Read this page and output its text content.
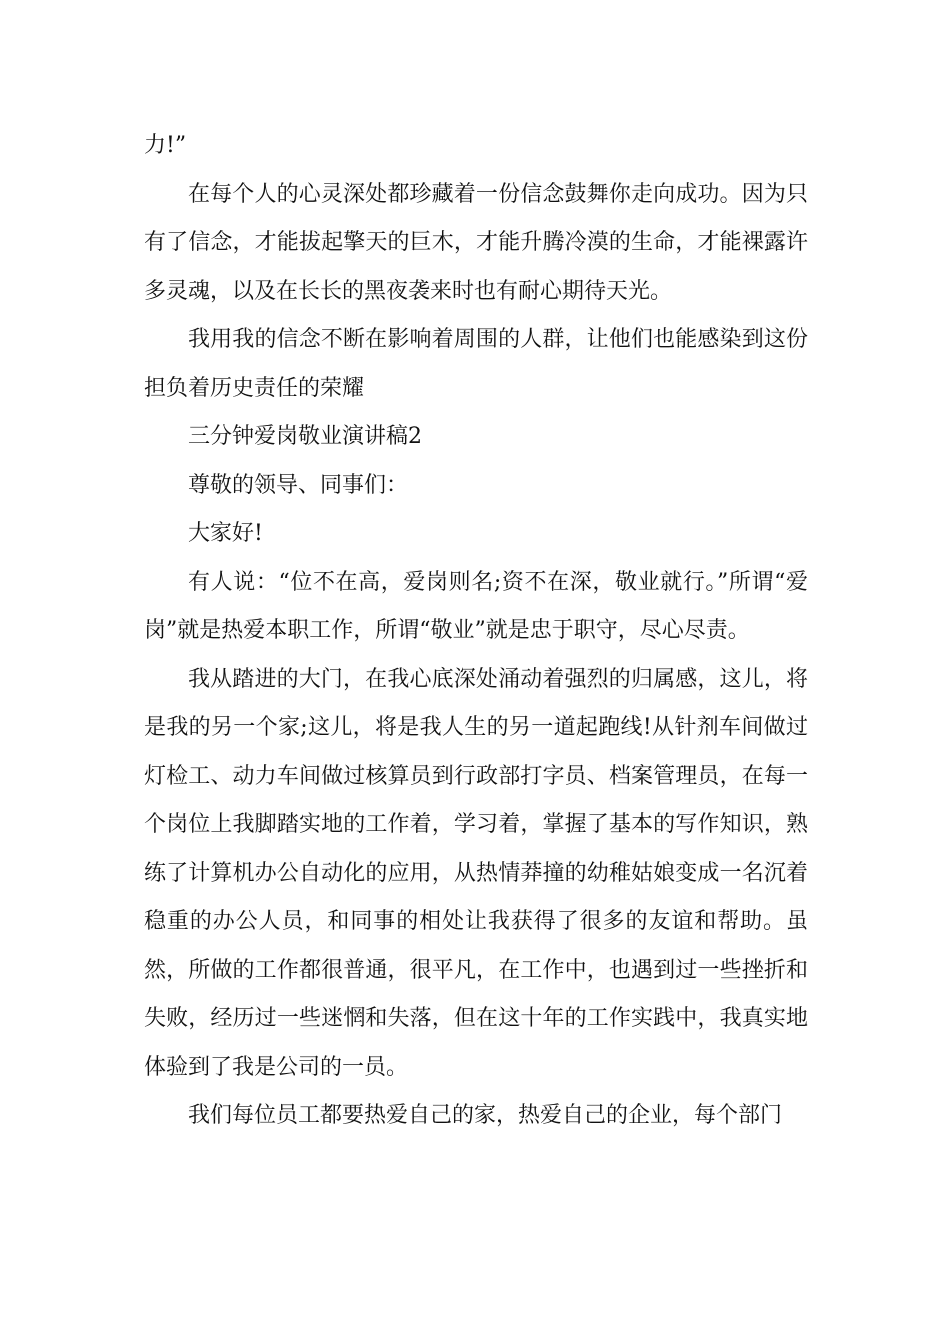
力!”

在每个人的心灵深处都珍藏着一份信念鼓舞你走向成功。因为只有了信念，才能拔起擎天的巨木，才能升腾冷漠的生命，才能裸露许多灵魂，以及在长长的黑夜袭来时也有耐心期待天光。

我用我的信念不断在影响着周围的人群，让他们也能感染到这份担负着历史责任的荣耀

三分钟爱岗敬业演讲稿2

尊敬的领导、同事们：

大家好!

有人说：“位不在高，爱岗则名;资不在深，敬业就行。”所谓“爱岗”就是热爱本职工作，所谓“敬业”就是忠于职守，尽心尽责。

我从踏进的大门，在我心底深处涌动着强烈的归属感，这儿，将是我的另一个家;这儿，将是我人生的另一道起跑线!从针剂车间做过灯检工、动力车间做过核算员到行政部打字员、档案管理员，在每一个岗位上我脚踏实地的工作着，学习着，掌握了基本的写作知识，熟练了计算机办公自动化的应用，从热情莽撞的幼稚姑娘变成一名沉着稳重的办公人员，和同事的相处让我获得了很多的友谊和帮助。虽然，所做的工作都很普通，很平凡，在工作中，也遇到过一些挫折和失败，经历过一些迷惘和失落，但在这十年的工作实践中，我真实地体验到了我是公司的一员。

我们每位员工都要热爱自己的家，热爱自己的企业，每个部门
